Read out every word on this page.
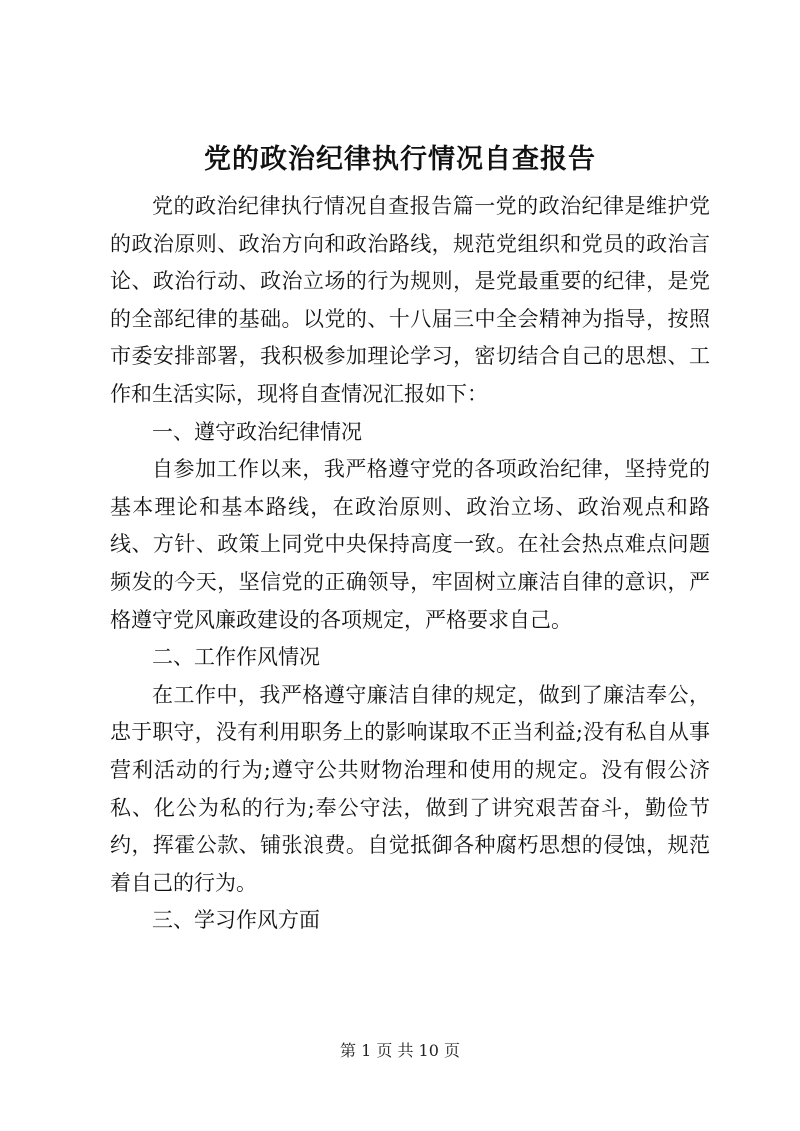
党的政治纪律执行情况自查报告

党的政治纪律执行情况自查报告篇一党的政治纪律是维护党的政治原则、政治方向和政治路线，规范党组织和党员的政治言论、政治行动、政治立场的行为规则，是党最重要的纪律，是党的全部纪律的基础。以党的、十八届三中全会精神为指导，按照市委安排部署，我积极参加理论学习，密切结合自己的思想、工作和生活实际，现将自查情况汇报如下：

一、遵守政治纪律情况

自参加工作以来，我严格遵守党的各项政治纪律，坚持党的基本理论和基本路线，在政治原则、政治立场、政治观点和路线、方针、政策上同党中央保持高度一致。在社会热点难点问题频发的今天，坚信党的正确领导，牢固树立廉洁自律的意识，严格遵守党风廉政建设的各项规定，严格要求自己。

二、工作作风情况

在工作中，我严格遵守廉洁自律的规定，做到了廉洁奉公，忠于职守，没有利用职务上的影响谋取不正当利益;没有私自从事营利活动的行为;遵守公共财物治理和使用的规定。没有假公济私、化公为私的行为;奉公守法，做到了讲究艰苦奋斗，勤俭节约，挥霍公款、铺张浪费。自觉抵御各种腐朽思想的侵蚀，规范着自己的行为。

三、学习作风方面

第 1 页 共 10 页
